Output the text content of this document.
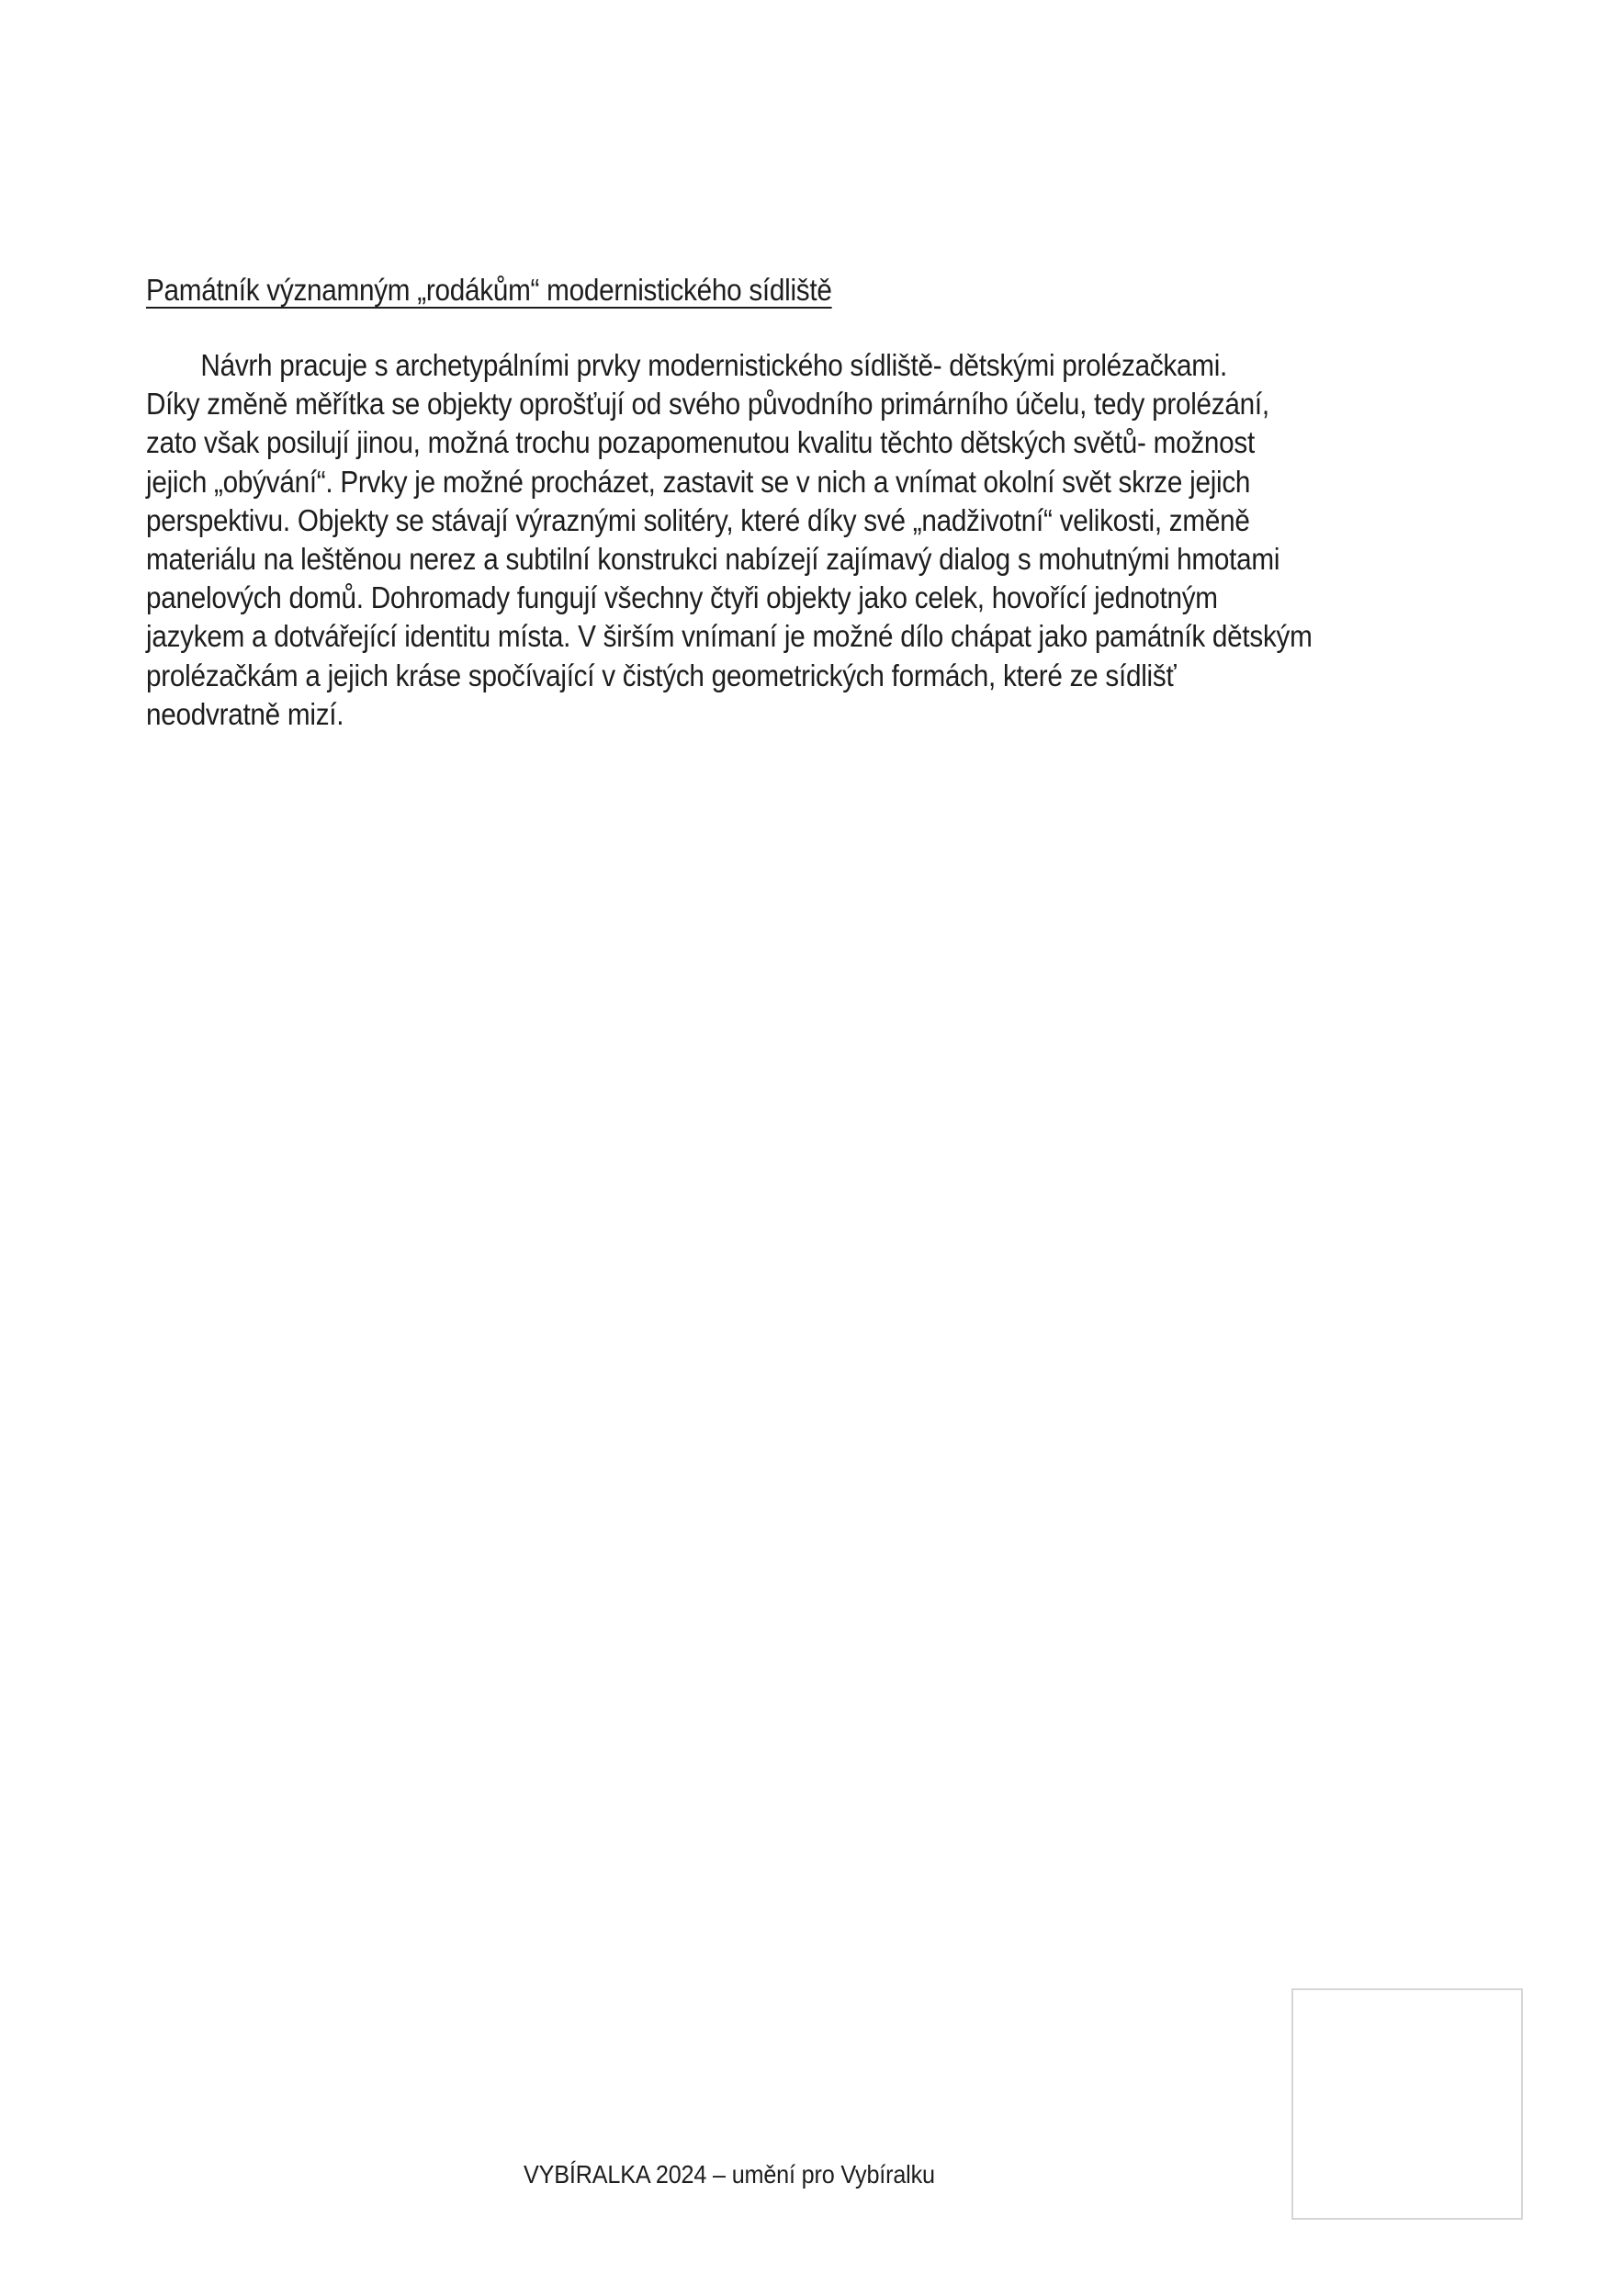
Památník významným „rodákům“ modernistického sídliště
Návrh pracuje s archetypálními prvky modernistického sídliště- dětskými prolézačkami.
Díky změně měřítka se objekty oprošťují od svého původního primárního účelu, tedy prolézání,
zato však posilují jinou, možná trochu pozapomenutou kvalitu těchto dětských světů- možnost
jejich „obývání“. Prvky je možné procházet, zastavit se v nich a vnímat okolní svět skrze jejich
perspektivu. Objekty se stávají výraznými solitéry, které díky své „nadživotní“ velikosti, změně
materiálu na leštěnou nerez a subtilní konstrukci nabízejí zajímavý dialog s mohutnými hmotami
panelových domů. Dohromady fungují všechny čtyři objekty jako celek, hovořící jednotným
jazykem a dotvářející identitu místa. V širším vnímaní je možné dílo chápat jako památník dětským
prolézačkám a jejich kráse spočívající v čistých geometrických formách, které ze sídlišť
neodvratně mizí.
VYBÍRALKA 2024 – umění pro Vybíralku
